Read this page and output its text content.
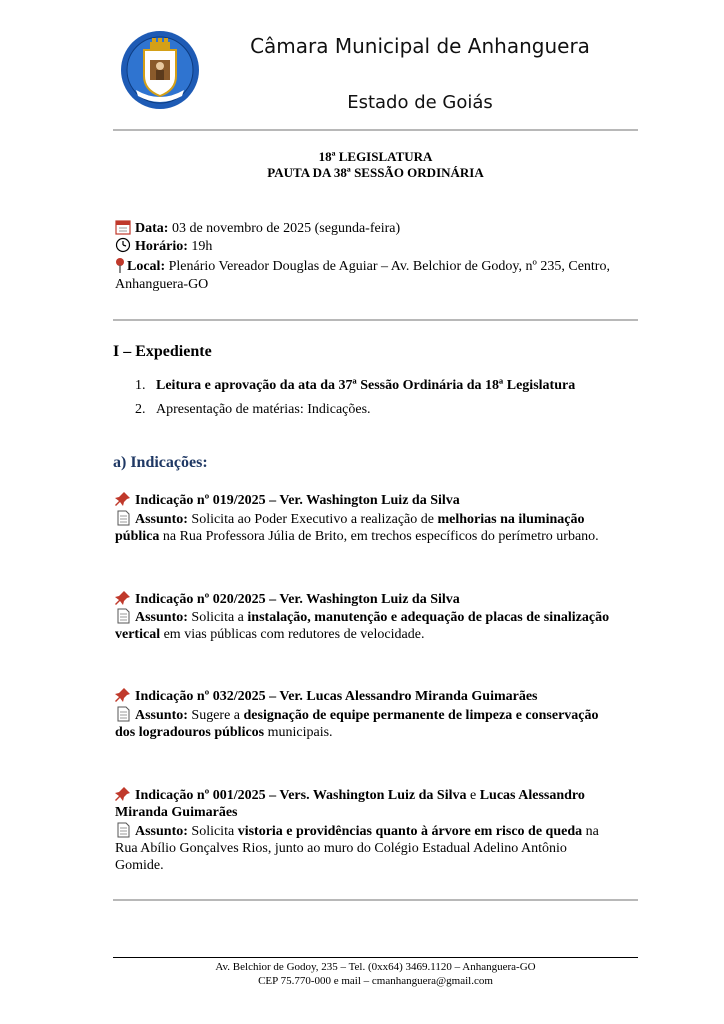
Câmara Municipal de Anhanguera
Estado de Goiás
18ª LEGISLATURA
PAUTA DA 38ª SESSÃO ORDINÁRIA
Data: 03 de novembro de 2025 (segunda-feira)
Horário: 19h
Local: Plenário Vereador Douglas de Aguiar – Av. Belchior de Godoy, nº 235, Centro,
Anhanguera-GO
I – Expediente
1. Leitura e aprovação da ata da 37ª Sessão Ordinária da 18ª Legislatura
2. Apresentação de matérias: Indicações.
a) Indicações:
Indicação nº 019/2025 – Ver. Washington Luiz da Silva
Assunto: Solicita ao Poder Executivo a realização de melhorias na iluminação
pública na Rua Professora Júlia de Brito, em trechos específicos do perímetro urbano.
Indicação nº 020/2025 – Ver. Washington Luiz da Silva
Assunto: Solicita a instalação, manutenção e adequação de placas de sinalização
vertical em vias públicas com redutores de velocidade.
Indicação nº 032/2025 – Ver. Lucas Alessandro Miranda Guimarães
Assunto: Sugere a designação de equipe permanente de limpeza e conservação
dos logradouros públicos municipais.
Indicação nº 001/2025 – Vers. Washington Luiz da Silva e Lucas Alessandro
Miranda Guimarães
Assunto: Solicita vistoria e providências quanto à árvore em risco de queda na
Rua Abílio Gonçalves Rios, junto ao muro do Colégio Estadual Adelino Antônio
Gomide.
Av. Belchior de Godoy, 235 – Tel. (0xx64) 3469.1120 – Anhanguera-GO
CEP 75.770-000 e mail – cmanhanguera@gmail.com
